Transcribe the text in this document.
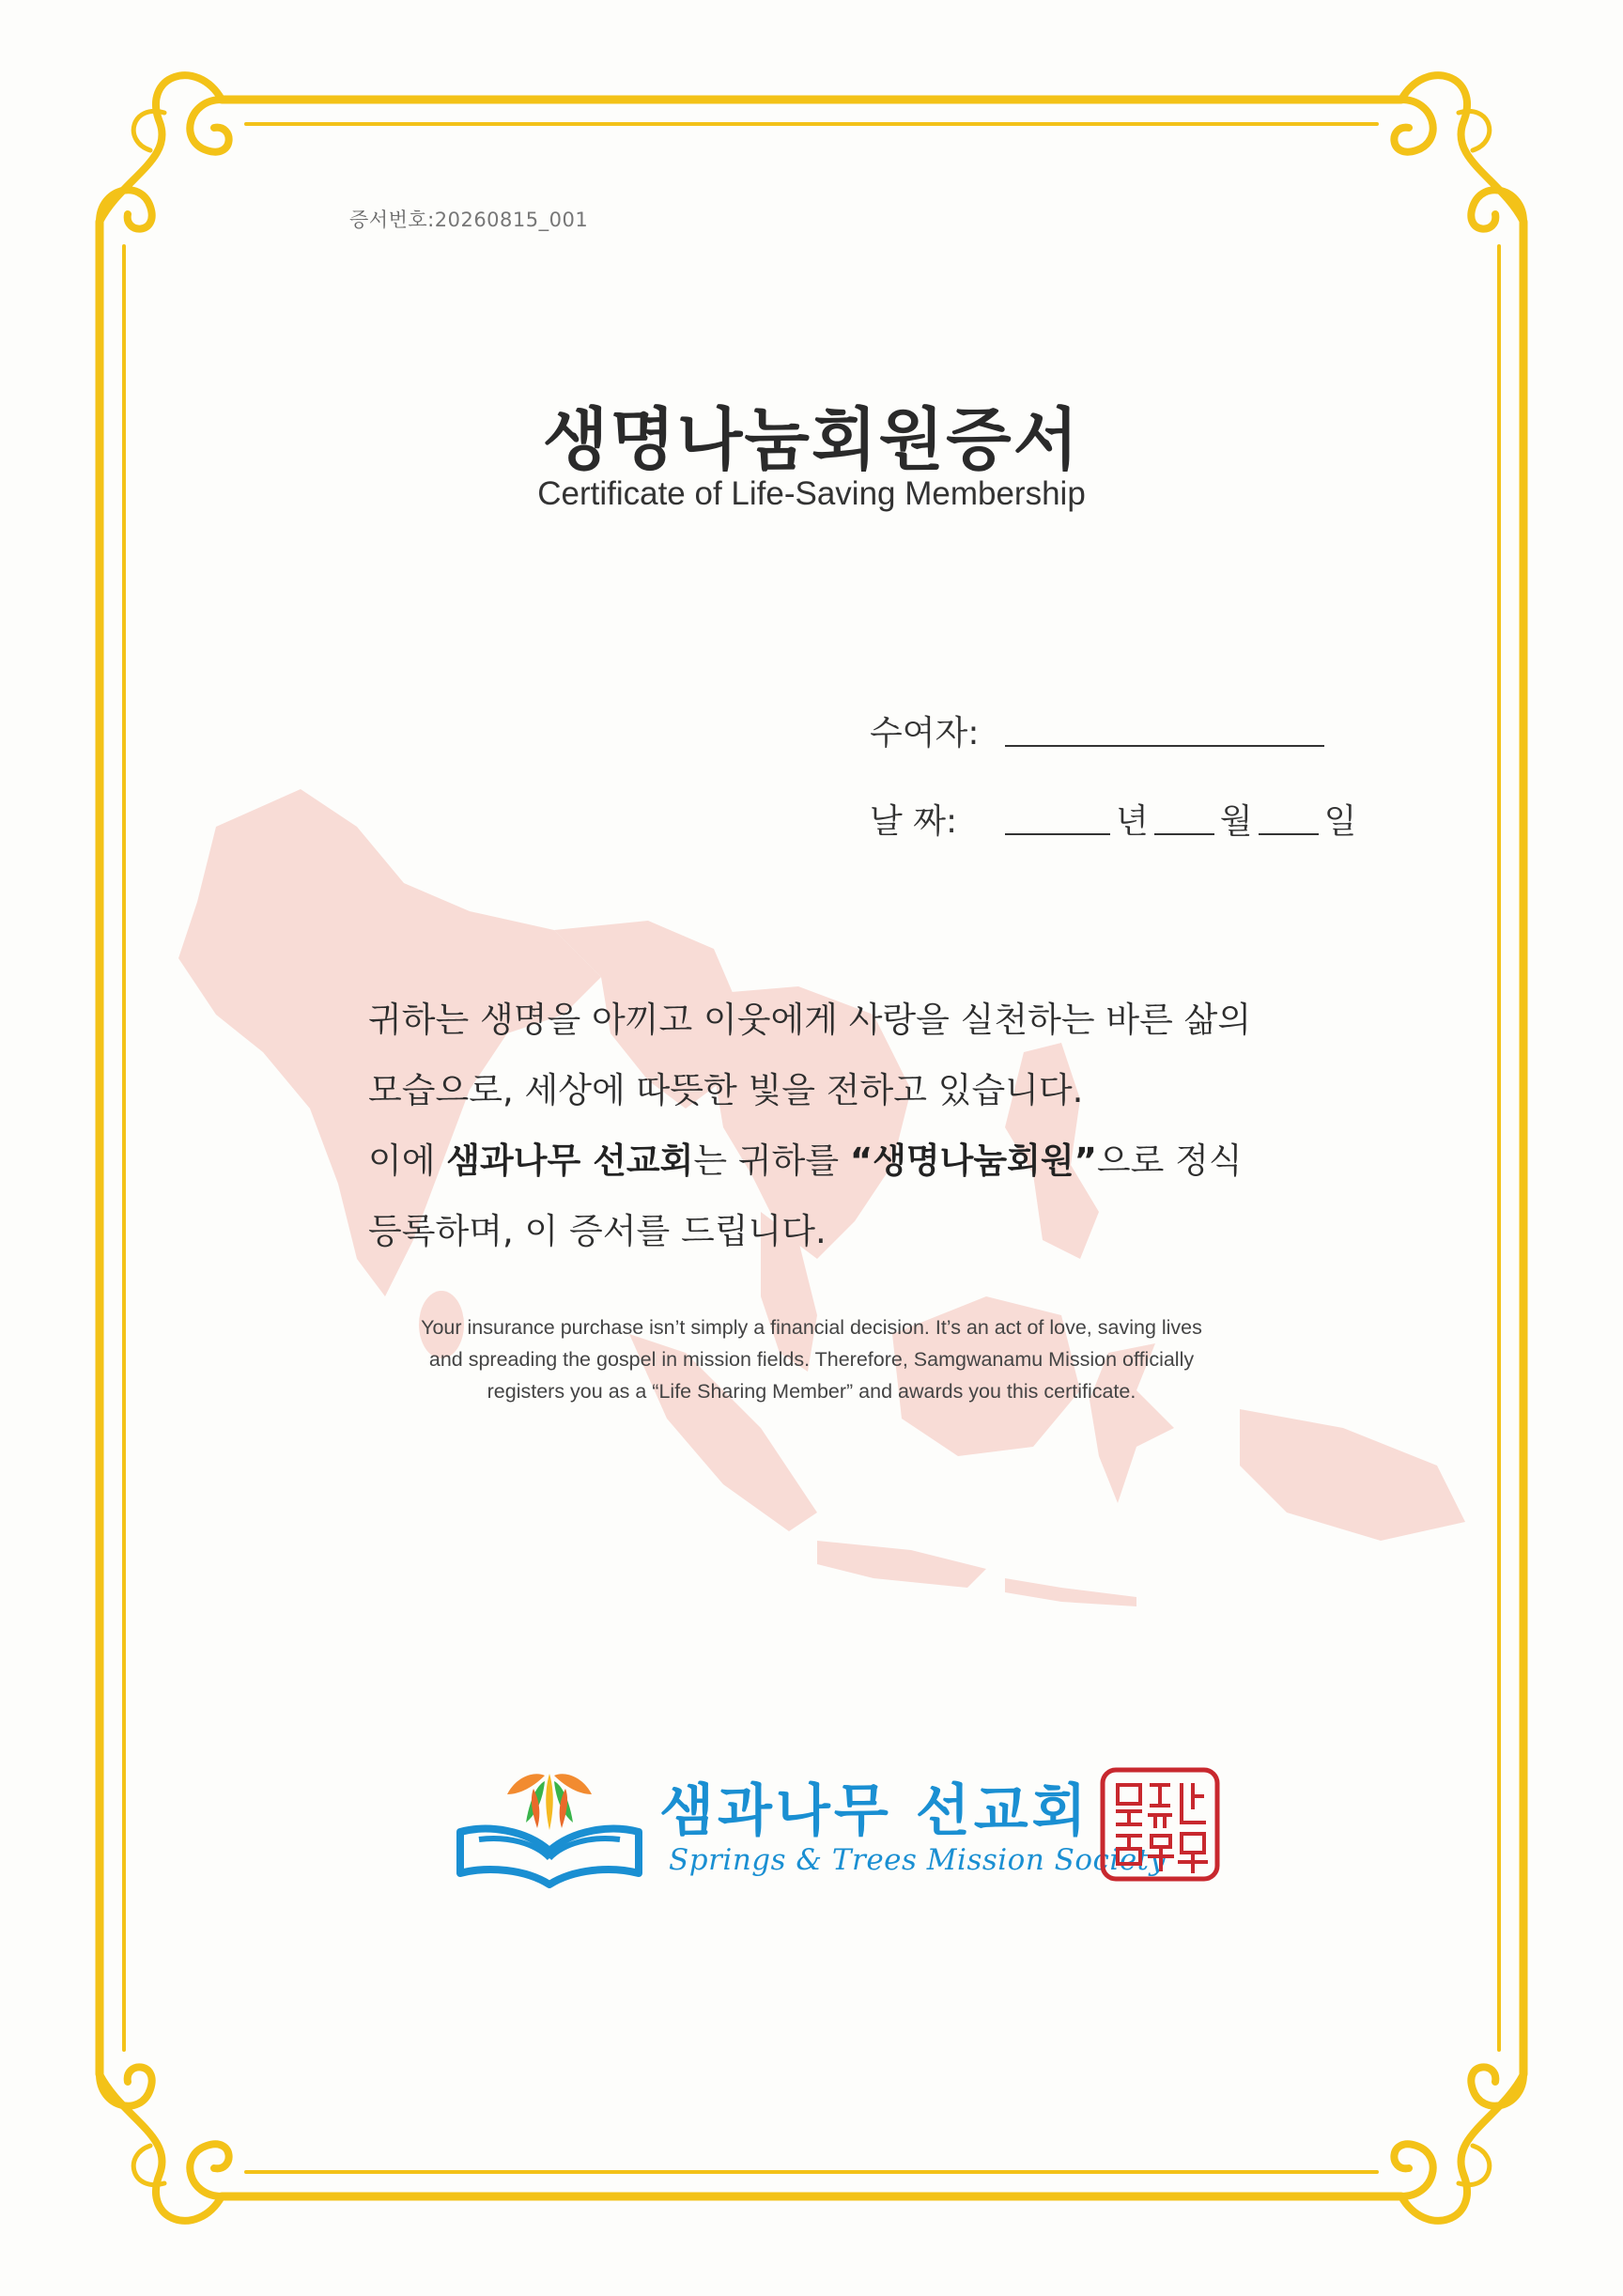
증서번호:20260815_001
생명나눔회원증서
Certificate of Life-Saving Membership
수여자:
날 짜:	년 월 일

귀하는 생명을 아끼고 이웃에게 사랑을 실천하는 바른 삶의

모습으로, 세상에 따뜻한 빛을 전하고 있습니다.

이에 샘과나무 선교회는 귀하를 “생명나눔회원”으로 정식

등록하며, 이 증서를 드립니다.

Your insurance purchase isn’t simply a financial decision. It’s an act of love, saving lives
and spreading the gospel in mission fields. Therefore, Samgwanamu Mission officially
registers you as a “Life Sharing Member” and awards you this certificate.
샘과나무 선교회
Springs & Trees Mission Society
